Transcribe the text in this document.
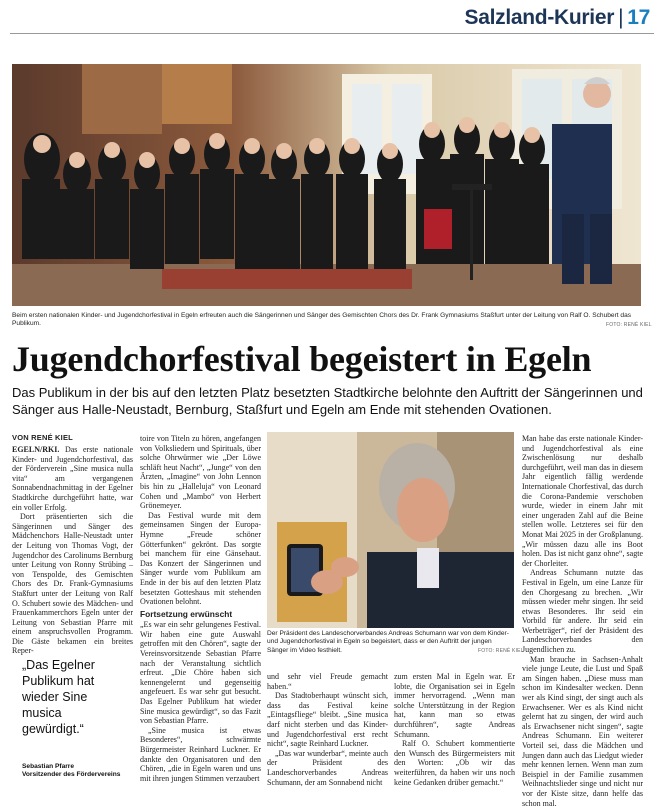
Salzland-Kurier | 17
Beim ersten nationalen Kinder- und Jugendchorfestival in Egeln erfreuten auch die Sängerinnen und Sänger des Gemischten Chors des Dr. Frank Gymnasiums Staßfurt unter der Leitung von Ralf O. Schubert das Publikum.	FOTO: RENÉ KIEL
Jugendchorfestival begeistert in Egeln

Das Publikum in der bis auf den letzten Platz besetzten Stadtkirche belohnte den Auftritt der Sängerinnen und Sänger aus Halle-Neustadt, Bernburg, Staßfurt und Egeln am Ende mit stehenden Ovationen.

VON RENÉ KIEL

EGELN/RKI. Das erste nationale Kinder- und Jugendchorfestival, das der Förderverein „Sine musica nulla vita“ am vergangenen Sonnabendnachmittag in der Egelner Stadtkirche durchgeführt hatte, war ein voller Erfolg.

Dort präsentierten sich die Sängerinnen und Sänger des Mädchenchors Halle-Neustadt unter der Leitung von Thomas Vogt, der Jugendchor des Carolinums Bernburg unter Leitung von Ronny Strübing – von Tenspolde, des Gemischten Chors des Dr. Frank-Gymnasiums Staßfurt unter der Leitung von Ralf O. Schubert sowie des Mädchen- und Frauenkammerchors Egeln unter der Leitung von Sebastian Pfarre mit einem anspruchsvollen Programm. Die Gäste bekamen ein breites Reper-

„Das Egelner Publikum hat wieder Sine musica gewürdigt.“
Sebastian Pfarre
Vorsitzender des Fördervereins

toire von Titeln zu hören, angefangen von Volksliedern und Spirituals, über solche Ohrwürmer wie „Der Löwe schläft heut Nacht“, „Junge“ von den Ärzten, „Imagine“ von John Lennon bis hin zu „Halleluja“ von Leonard Cohen und „Mambo“ von Herbert Grönemeyer.

Das Festival wurde mit dem gemeinsamen Singen der Europa-Hymne „Freude schöner Götterfunken“ gekrönt. Das sorgte bei manchem für eine Gänsehaut. Das Konzert der Sängerinnen und Sänger wurde vom Publikum am Ende in der bis auf den letzten Platz besetzten Gotteshaus mit stehenden Ovationen belohnt.

Fortsetzung erwünscht

„Es war ein sehr gelungenes Festival. Wir haben eine gute Auswahl getroffen mit den Chören“, sagte der Vereinsvorsitzende Sebastian Pfarre nach der Veranstaltung sichtlich erfreut. „Die Chöre haben sich kennengelernt und gegenseitig angefeuert. Es war sehr gut besucht. Das Egelner Publikum hat wieder Sine musica gewürdigt“, so das Fazit von Sebastian Pfarre.

„Sine musica ist etwas Besonderes“, schwärmte Bürgermeister Reinhard Luckner. Er dankte den Organisatoren und den Chören, „die in Egeln waren und uns mit ihren jungen Stimmen verzaubert

Der Präsident des Landeschorverbandes Andreas Schumann war von dem Kinder- und Jugendchorfestival in Egeln so begeistert, dass er den Auftritt der jungen Sänger im Video festhielt.	FOTO: RENÉ KIEL

und sehr viel Freude gemacht haben.“

Das Stadtoberhaupt wünscht sich, dass das Festival keine „Eintagsfliege“ bleibt. „Sine musica darf nicht sterben und das Kinder- und Jugendchorfestival erst recht nicht“, sagte Reinhard Luckner.

„Das war wunderbar“, meinte auch der Präsident des Landeschorverbandes Andreas Schumann, der am Sonnabend nicht

zum ersten Mal in Egeln war. Er lobte, die Organisation sei in Egeln immer hervorragend. „Wenn man solche Unterstützung in der Region hat, kann man so etwas durchführen“, sagte Andreas Schumann.

Ralf O. Schubert kommentierte den Wunsch des Bürgermeisters mit den Worten: „Ob wir das weiterführen, da haben wir uns noch keine Gedanken drüber gemacht.“

Man habe das erste nationale Kinder- und Jugendchorfestival als eine Zwischenlösung nur deshalb durchgeführt, weil man das in diesem Jahr eigentlich fällig werdende Internationale Chorfestival, das durch die Corona-Pandemie verschoben wurde, wieder in einem Jahr mit einer ungeraden Zahl auf die Beine stellen wolle. Letzteres sei für den Monat Mai 2025 in der Großplanung. „Wir müssen dazu alle ins Boot holen. Das ist nicht ganz ohne“, sagte der Chorleiter.

Andreas Schumann nutzte das Festival in Egeln, um eine Lanze für den Chorgesang zu brechen. „Wir müssen wieder mehr singen. Ihr seid etwas Besonderes. Ihr seid ein Vorbild für andere. Ihr seid ein Werbeträger“, rief der Präsident des Landeschorverbandes den Jugendlichen zu.

Man brauche in Sachsen-Anhalt viele junge Leute, die Lust und Spaß am Singen haben. „Diese muss man schon im Kindesalter wecken. Denn wer als Kind singt, der singt auch als Erwachsener. Wer es als Kind nicht gelernt hat zu singen, der wird auch als Erwachsener nicht singen“, sagte Andreas Schumann. Ein weiterer Vorteil sei, dass die Mädchen und Jungen dann auch das Liedgut wieder mehr kennen lernen. Wenn man zum Beispiel in der Familie zusammen Weihnachtslieder singe und nicht nur vor der Kiste sitze, dann helfe das schon mal.
